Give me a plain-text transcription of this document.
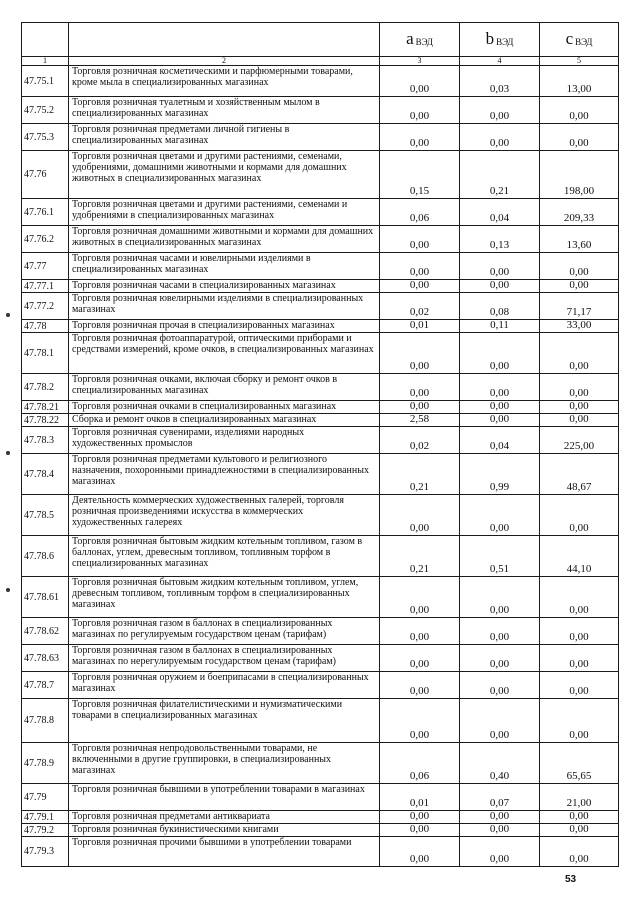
		a ВЭД	b ВЭД	c ВЭД
1	2	3	4	5
47.75.1	Торговля розничная косметическими и парфюмерными товарами, кроме мыла в специализированных магазинах	0,00	0,03	13,00
47.75.2	Торговля розничная туалетным и хозяйственным мылом в специализированных магазинах	0,00	0,00	0,00
47.75.3	Торговля розничная предметами личной гигиены в специализированных магазинах	0,00	0,00	0,00
47.76	Торговля розничная цветами и другими растениями, семенами, удобрениями, домашними животными и кормами для домашних животных в специализированных магазинах	0,15	0,21	198,00
47.76.1	Торговля розничная цветами и другими растениями, семенами и удобрениями в специализированных магазинах	0,06	0,04	209,33
47.76.2	Торговля розничная домашними животными и кормами для домашних животных в специализированных магазинах	0,00	0,13	13,60
47.77	Торговля розничная часами и ювелирными изделиями в специализированных магазинах	0,00	0,00	0,00
47.77.1	Торговля розничная часами в специализированных магазинах	0,00	0,00	0,00
47.77.2	Торговля розничная ювелирными изделиями в специализированных магазинах	0,02	0,08	71,17
47.78	Торговля розничная прочая в специализированных магазинах	0,01	0,11	33,00
47.78.1	Торговля розничная фотоаппаратурой, оптическими приборами и средствами измерений, кроме очков, в специализированных магазинах	0,00	0,00	0,00
47.78.2	Торговля розничная очками, включая сборку и ремонт очков в специализированных магазинах	0,00	0,00	0,00
47.78.21	Торговля розничная очками в специализированных магазинах	0,00	0,00	0,00
47.78.22	Сборка и ремонт очков в специализированных магазинах	2,58	0,00	0,00
47.78.3	Торговля розничная сувенирами, изделиями народных художественных промыслов	0,02	0,04	225,00
47.78.4	Торговля розничная предметами культового и религиозного назначения, похоронными принадлежностями в специализированных магазинах	0,21	0,99	48,67
47.78.5	Деятельность коммерческих художественных галерей, торговля розничная произведениями искусства в коммерческих художественных галереях	0,00	0,00	0,00
47.78.6	Торговля розничная бытовым жидким котельным топливом, газом в баллонах, углем, древесным топливом, топливным торфом в специализированных магазинах	0,21	0,51	44,10
47.78.61	Торговля розничная бытовым жидким котельным топливом, углем, древесным топливом, топливным торфом в специализированных магазинах	0,00	0,00	0,00
47.78.62	Торговля розничная газом в баллонах в специализированных магазинах по регулируемым государством ценам (тарифам)	0,00	0,00	0,00
47.78.63	Торговля розничная газом в баллонах в специализированных магазинах по нерегулируемым государством ценам (тарифам)	0,00	0,00	0,00
47.78.7	Торговля розничная оружием и боеприпасами в специализированных магазинах	0,00	0,00	0,00
47.78.8	Торговля розничная филателистическими и нумизматическими товарами в специализированных магазинах	0,00	0,00	0,00
47.78.9	Торговля розничная непродовольственными товарами, не включенными в другие группировки, в специализированных магазинах	0,06	0,40	65,65
47.79	Торговля розничная бывшими в употреблении товарами в магазинах	0,01	0,07	21,00
47.79.1	Торговля розничная предметами антиквариата	0,00	0,00	0,00
47.79.2	Торговля розничная букинистическими книгами	0,00	0,00	0,00
47.79.3	Торговля розничная прочими бывшими в употреблении товарами	0,00	0,00	0,00
53
